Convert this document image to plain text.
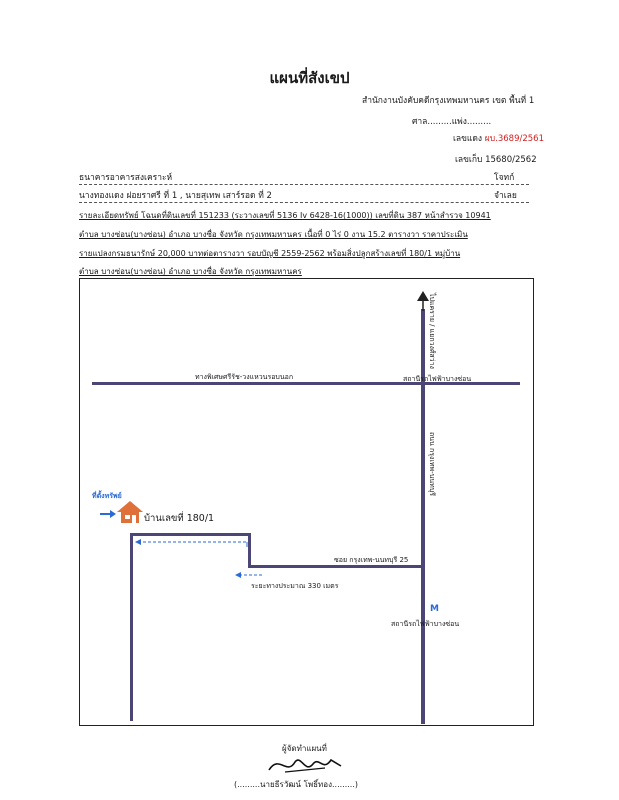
แผนที่สังเขป
สำนักงานบังคับคดีกรุงเทพมหานคร เขต พื้นที่ 1
ศาล.........แพ่ง.........
เลขแดง ผบ.3689/2561
เลขเก็บ 15680/2562
ธนาคารอาคารสงเคราะห์	โจทก์
นางทองแดง ฝอยราศรี ที่ 1 , นายสุเทพ เสาร์รอด ที่ 2	จำเลย
รายละเอียดทรัพย์ โฉนดที่ดินเลขที่ 151233 (ระวางเลขที่ 5136 Iv 6428-16(1000)) เลขที่ดิน 387 หน้าสำรวจ 10941
ตำบล บางซ่อน(บางซ่อน) อำเภอ บางซื่อ จังหวัด กรุงเทพมหานคร เนื้อที่ 0 ไร่ 0 งาน 15.2 ตารางวา ราคาประเมิน
รายแปลงกรมธนารักษ์ 20,000 บาทต่อตารางวา รอบบัญชี 2559-2562 พร้อมสิ่งปลูกสร้างเลขที่ 180/1 หมู่บ้าน
ตำบล บางซ่อน(บางซ่อน) อำเภอ บางซื่อ จังหวัด กรุงเทพมหานคร
ทางพิเศษศรีรัช-วงแหวนรอบนอก
ไปแคราย / แยกวงศ์สว่าง
สถานีรถไฟฟ้าบางซ่อน
ถนน กรุงเทพ-นนทบุรี
ซอย กรุงเทพ-นนทบุรี 25
ระยะทางประมาณ 330 เมตร
M
สถานีรถไฟฟ้าบางซ่อน
ที่ตั้งทรัพย์
บ้านเลขที่ 180/1
ผู้จัดทำแผนที่
(.........นายธีรวัฒน์ โพธิ์ทอง.........)
